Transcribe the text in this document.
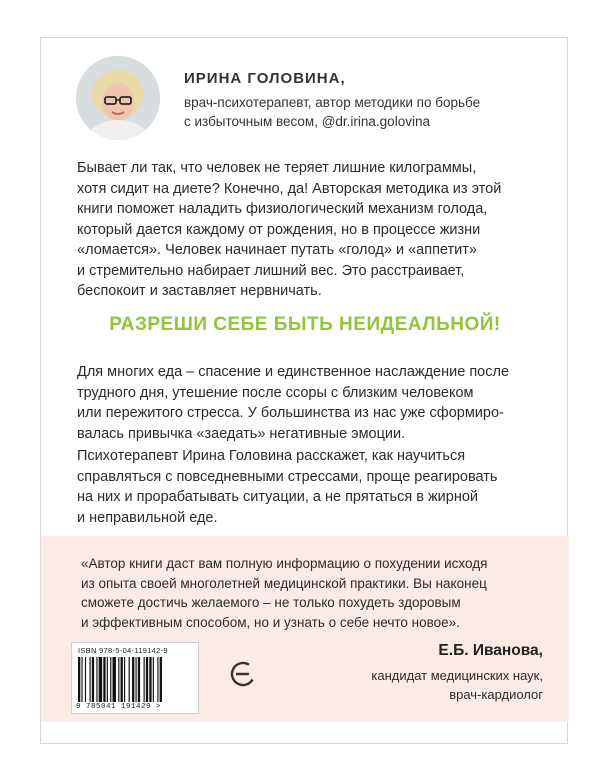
ИРИНА ГОЛОВИНА,
врач-психотерапевт, автор методики по борьбе
с избыточным весом, @dr.irina.golovina
Бывает ли так, что человек не теряет лишние килограммы,
хотя сидит на диете? Конечно, да! Авторская методика из этой
книги поможет наладить физиологический механизм голода,
который дается каждому от рождения, но в процессе жизни
«ломается». Человек начинает путать «голод» и «аппетит»
и стремительно набирает лишний вес. Это расстраивает,
беспокоит и заставляет нервничать.
РАЗРЕШИ СЕБЕ БЫТЬ НЕИДЕАЛЬНОЙ!
Для многих еда – спасение и единственное наслаждение после
трудного дня, утешение после ссоры с близким человеком
или пережитого стресса. У большинства из нас уже сформиро-
валась привычка «заедать» негативные эмоции.
Психотерапевт Ирина Головина расскажет, как научиться
справляться с повседневными стрессами, проще реагировать
на них и прорабатывать ситуации, а не прятаться в жирной
и неправильной еде.
«Автор книги даст вам полную информацию о похудении исходя
из опыта своей многолетней медицинской практики. Вы наконец
сможете достичь желаемого – не только похудеть здоровым
и эффективным способом, но и узнать о себе нечто новое».
ISBN 978-5-04-119142-9
9 785041 191429 >
Е.Б. Иванова,
кандидат медицинских наук,
врач-кардиолог
